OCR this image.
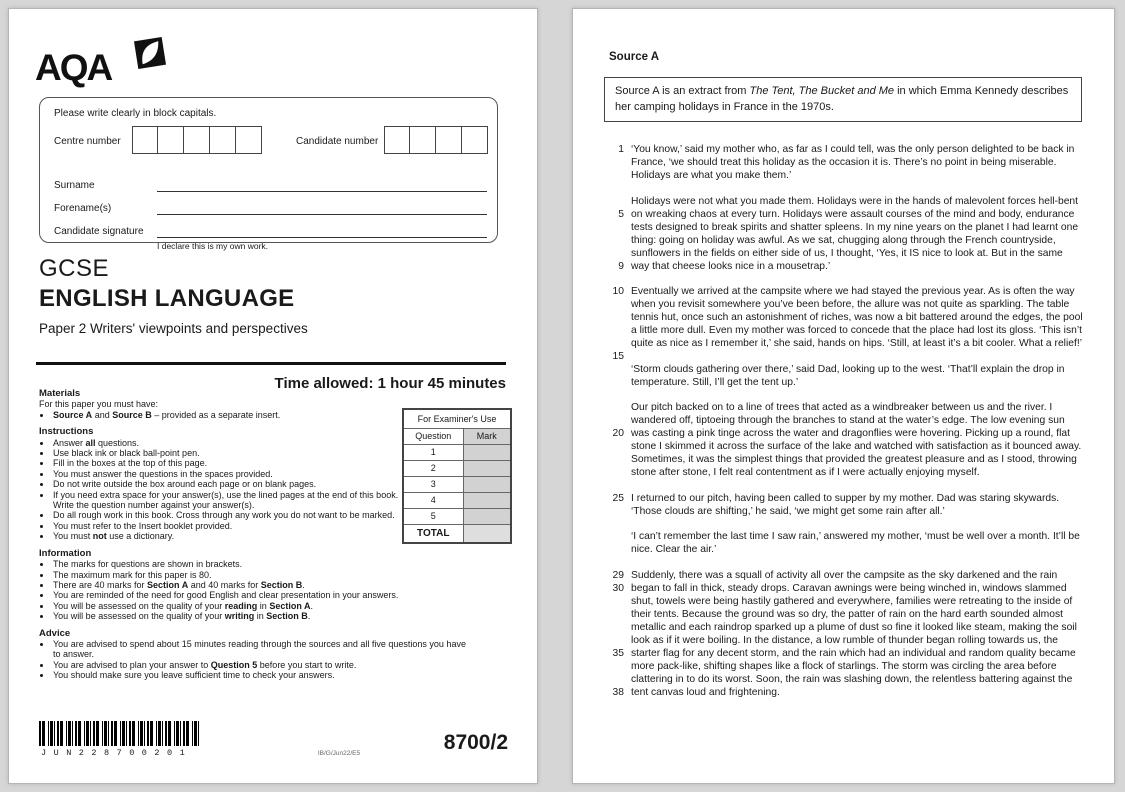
AQA
Please write clearly in block capitals.
Centre number	Candidate number
Surname
Forename(s)
Candidate signature
I declare this is my own work.
GCSE
ENGLISH LANGUAGE
Paper 2 Writers' viewpoints and perspectives
Time allowed: 1 hour 45 minutes
Materials
For this paper you must have:
• Source A and Source B – provided as a separate insert.
Instructions
• Answer all questions.
• Use black ink or black ball-point pen.
• Fill in the boxes at the top of this page.
• You must answer the questions in the spaces provided.
• Do not write outside the box around each page or on blank pages.
• If you need extra space for your answer(s), use the lined pages at the end of this book. Write the question number against your answer(s).
• Do all rough work in this book. Cross through any work you do not want to be marked.
• You must refer to the Insert booklet provided.
• You must not use a dictionary.
Information
• The marks for questions are shown in brackets.
• The maximum mark for this paper is 80.
• There are 40 marks for Section A and 40 marks for Section B.
• You are reminded of the need for good English and clear presentation in your answers.
• You will be assessed on the quality of your reading in Section A.
• You will be assessed on the quality of your writing in Section B.
Advice
• You are advised to spend about 15 minutes reading through the sources and all five questions you have to answer.
• You are advised to plan your answer to Question 5 before you start to write.
• You should make sure you leave sufficient time to check your answers.
For Examiner's Use	
Question	Mark
1	
2	
3	
4	
5	
TOTAL	
JUN228700201	IB/G/Jun22/E5	8700/2
Source A
Source A is an extract from The Tent, The Bucket and Me in which Emma Kennedy describes her camping holidays in France in the 1970s.
1 ‘You know,’ said my mother who, as far as I could tell, was the only person delighted to be back in France, ‘we should treat this holiday as the occasion it is. There’s no point in being miserable. Holidays are what you make them.’
5
9
Holidays were not what you made them. Holidays were in the hands of malevolent forces hell-bent on wreaking chaos at every turn. Holidays were assault courses of the mind and body, endurance tests designed to break spirits and shatter spleens. In my nine years on the planet I had learnt one thing: going on holiday was awful. As we sat, chugging along through the French countryside, sunflowers in the fields on either side of us, I thought, ‘Yes, it IS nice to look at. But in the same way that cheese looks nice in a mousetrap.’
10
15
Eventually we arrived at the campsite where we had stayed the previous year. As is often the way when you revisit somewhere you’ve been before, the allure was not quite as sparkling. The table tennis hut, once such an astonishment of riches, was now a bit battered around the edges, the pool a little more dull. Even my mother was forced to concede that the place had lost its gloss. ‘This isn’t quite as nice as I remember it,’ she said, hands on hips. ‘Still, at least it’s a bit cooler. What a relief!’
‘Storm clouds gathering over there,’ said Dad, looking up to the west. ‘That’ll explain the drop in temperature. Still, I’ll get the tent up.’
20
Our pitch backed on to a line of trees that acted as a windbreaker between us and the river. I wandered off, tiptoeing through the branches to stand at the water’s edge. The low evening sun was casting a pink tinge across the water and dragonflies were hovering. Picking up a round, flat stone I skimmed it across the surface of the lake and watched with satisfaction as it bounced away. Sometimes, it was the simplest things that provided the greatest pleasure and as I stood, throwing stone after stone, I felt real contentment as if I were actually enjoying myself.
25 I returned to our pitch, having been called to supper by my mother. Dad was staring skywards. ‘Those clouds are shifting,’ he said, ‘we might get some rain after all.’
‘I can’t remember the last time I saw rain,’ answered my mother, ‘must be well over a month. It’ll be nice. Clear the air.’
29
30
35
38
Suddenly, there was a squall of activity all over the campsite as the sky darkened and the rain began to fall in thick, steady drops. Caravan awnings were being winched in, windows slammed shut, towels were being hastily gathered and everywhere, families were retreating to the inside of their tents. Because the ground was so dry, the patter of rain on the hard earth sounded almost metallic and each raindrop sparked up a plume of dust so fine it looked like steam, making the soil look as if it were boiling. In the distance, a low rumble of thunder began rolling towards us, the starter flag for any decent storm, and the rain which had an individual and random quality became more pack-like, shifting shapes like a flock of starlings. The storm was circling the area before clattering in to do its worst. Soon, the rain was slashing down, the relentless battering against the tent canvas loud and frightening.
